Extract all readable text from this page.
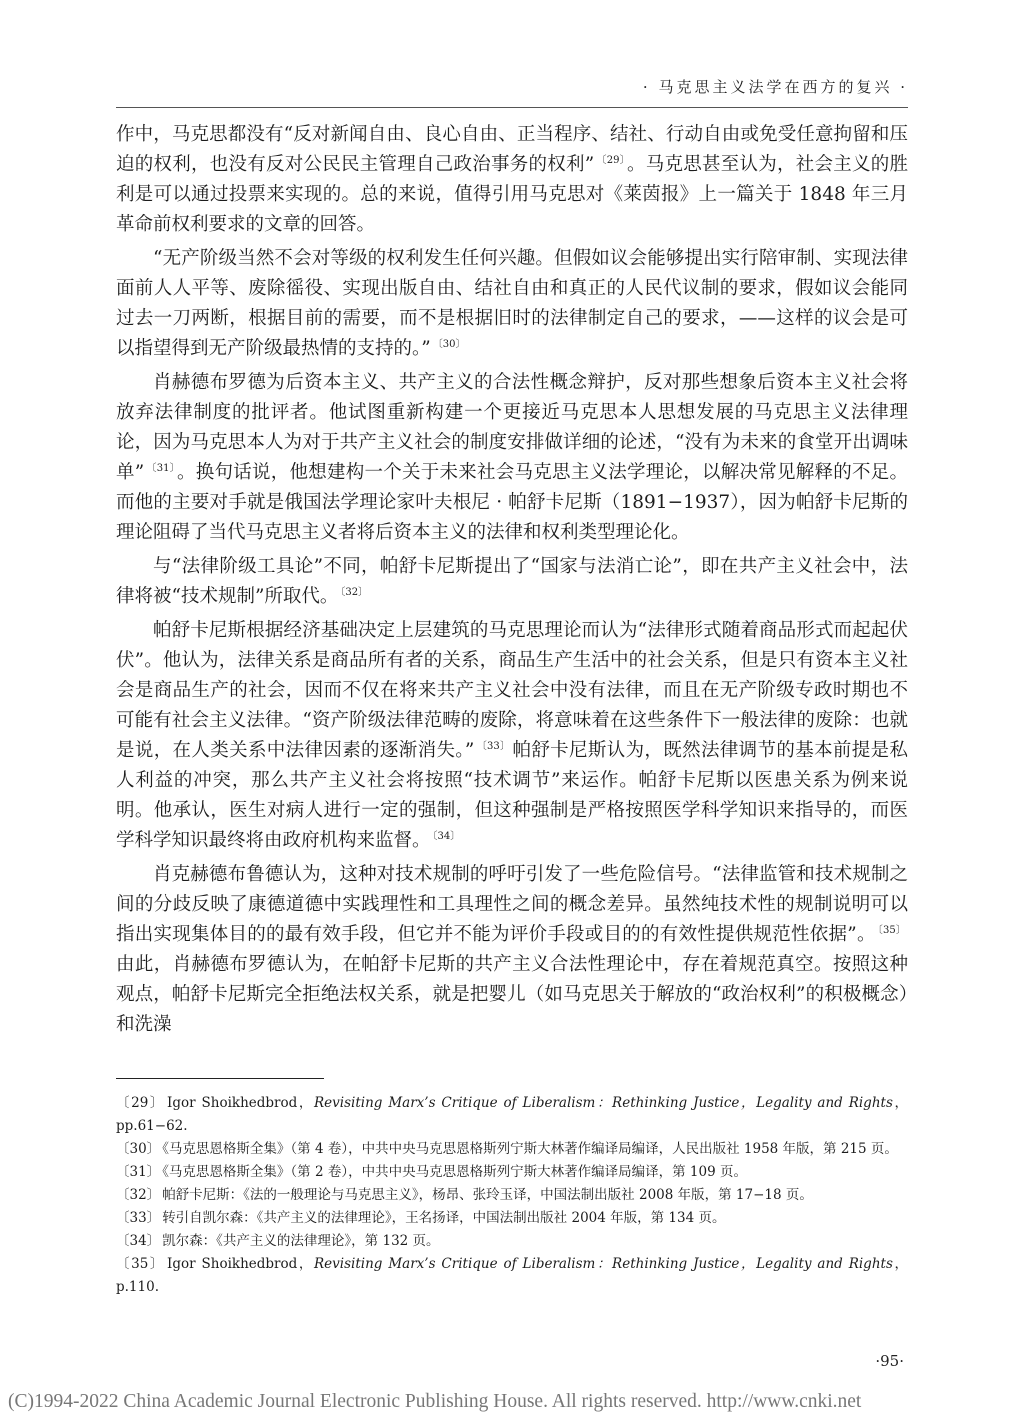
· 马克思主义法学在西方的复兴 ·

作中，马克思都没有“反对新闻自由、良心自由、正当程序、结社、行动自由或免受任意拘留和压迫的权利，也没有反对公民民主管理自己政治事务的权利” $^{〔29〕}$ 。马克思甚至认为，社会主义的胜利是可以通过投票来实现的。总的来说，值得引用马克思对《莱茵报》上一篇关于 1848 年三月革命前权利要求的文章的回答。

“无产阶级当然不会对等级的权利发生任何兴趣。但假如议会能够提出实行陪审制、实现法律面前人人平等、废除徭役、实现出版自由、结社自由和真正的人民代议制的要求，假如议会能同过去一刀两断，根据目前的需要，而不是根据旧时的法律制定自己的要求，——这样的议会是可以指望得到无产阶级最热情的支持的。” $^{〔30〕}$

肖赫德布罗德为后资本主义、共产主义的合法性概念辩护，反对那些想象后资本主义社会将放弃法律制度的批评者。他试图重新构建一个更接近马克思本人思想发展的马克思主义法律理论，因为马克思本人为对于共产主义社会的制度安排做详细的论述，“没有为未来的食堂开出调味单” $^{〔31〕}$ 。换句话说，他想建构一个关于未来社会马克思主义法学理论，以解决常见解释的不足。而他的主要对手就是俄国法学理论家叶夫根尼 · 帕舒卡尼斯（1891−1937），因为帕舒卡尼斯的理论阻碍了当代马克思主义者将后资本主义的法律和权利类型理论化。

与“法律阶级工具论”不同，帕舒卡尼斯提出了“国家与法消亡论”，即在共产主义社会中，法律将被“技术规制”所取代。 $^{〔32〕}$

帕舒卡尼斯根据经济基础决定上层建筑的马克思理论而认为“法律形式随着商品形式而起起伏伏”。他认为，法律关系是商品所有者的关系，商品生产生活中的社会关系，但是只有资本主义社会是商品生产的社会，因而不仅在将来共产主义社会中没有法律，而且在无产阶级专政时期也不可能有社会主义法律。“资产阶级法律范畴的废除，将意味着在这些条件下一般法律的废除：也就是说，在人类关系中法律因素的逐渐消失。” $^{〔33〕}$ 帕舒卡尼斯认为，既然法律调节的基本前提是私人利益的冲突，那么共产主义社会将按照“技术调节”来运作。帕舒卡尼斯以医患关系为例来说明。他承认，医生对病人进行一定的强制，但这种强制是严格按照医学科学知识来指导的，而医学科学知识最终将由政府机构来监督。 $^{〔34〕}$

肖克赫德布鲁德认为，这种对技术规制的呼吁引发了一些危险信号。“法律监管和技术规制之间的分歧反映了康德道德中实践理性和工具理性之间的概念差异。虽然纯技术性的规制说明可以指出实现集体目的的最有效手段，但它并不能为评价手段或目的的有效性提供规范性依据”。 $^{〔35〕}$由此，肖赫德布罗德认为，在帕舒卡尼斯的共产主义合法性理论中，存在着规范真空。按照这种观点，帕舒卡尼斯完全拒绝法权关系，就是把婴儿（如马克思关于解放的“政治权利”的积极概念）和洗澡

〔29〕 Igor Shoikhedbrod，Revisiting Marx’s Critique of Liberalism：Rethinking Justice，Legality and Rights，pp.61−62.

〔30〕 《马克思恩格斯全集》（第 4 卷），中共中央马克思恩格斯列宁斯大林著作编译局编译，人民出版社 1958 年版，第 215 页。

〔31〕 《马克思恩格斯全集》（第 2 卷），中共中央马克思恩格斯列宁斯大林著作编译局编译，第 109 页。

〔32〕 帕舒卡尼斯：《法的一般理论与马克思主义》，杨昂、张玲玉译，中国法制出版社 2008 年版，第 17−18 页。

〔33〕 转引自凯尔森：《共产主义的法律理论》，王名扬译，中国法制出版社 2004 年版，第 134 页。

〔34〕 凯尔森：《共产主义的法律理论》，第 132 页。

〔35〕 Igor Shoikhedbrod，Revisiting Marx’s Critique of Liberalism：Rethinking Justice，Legality and Rights，p.110.

·95·
(C)1994-2022 China Academic Journal Electronic Publishing House. All rights reserved. http://www.cnki.net
